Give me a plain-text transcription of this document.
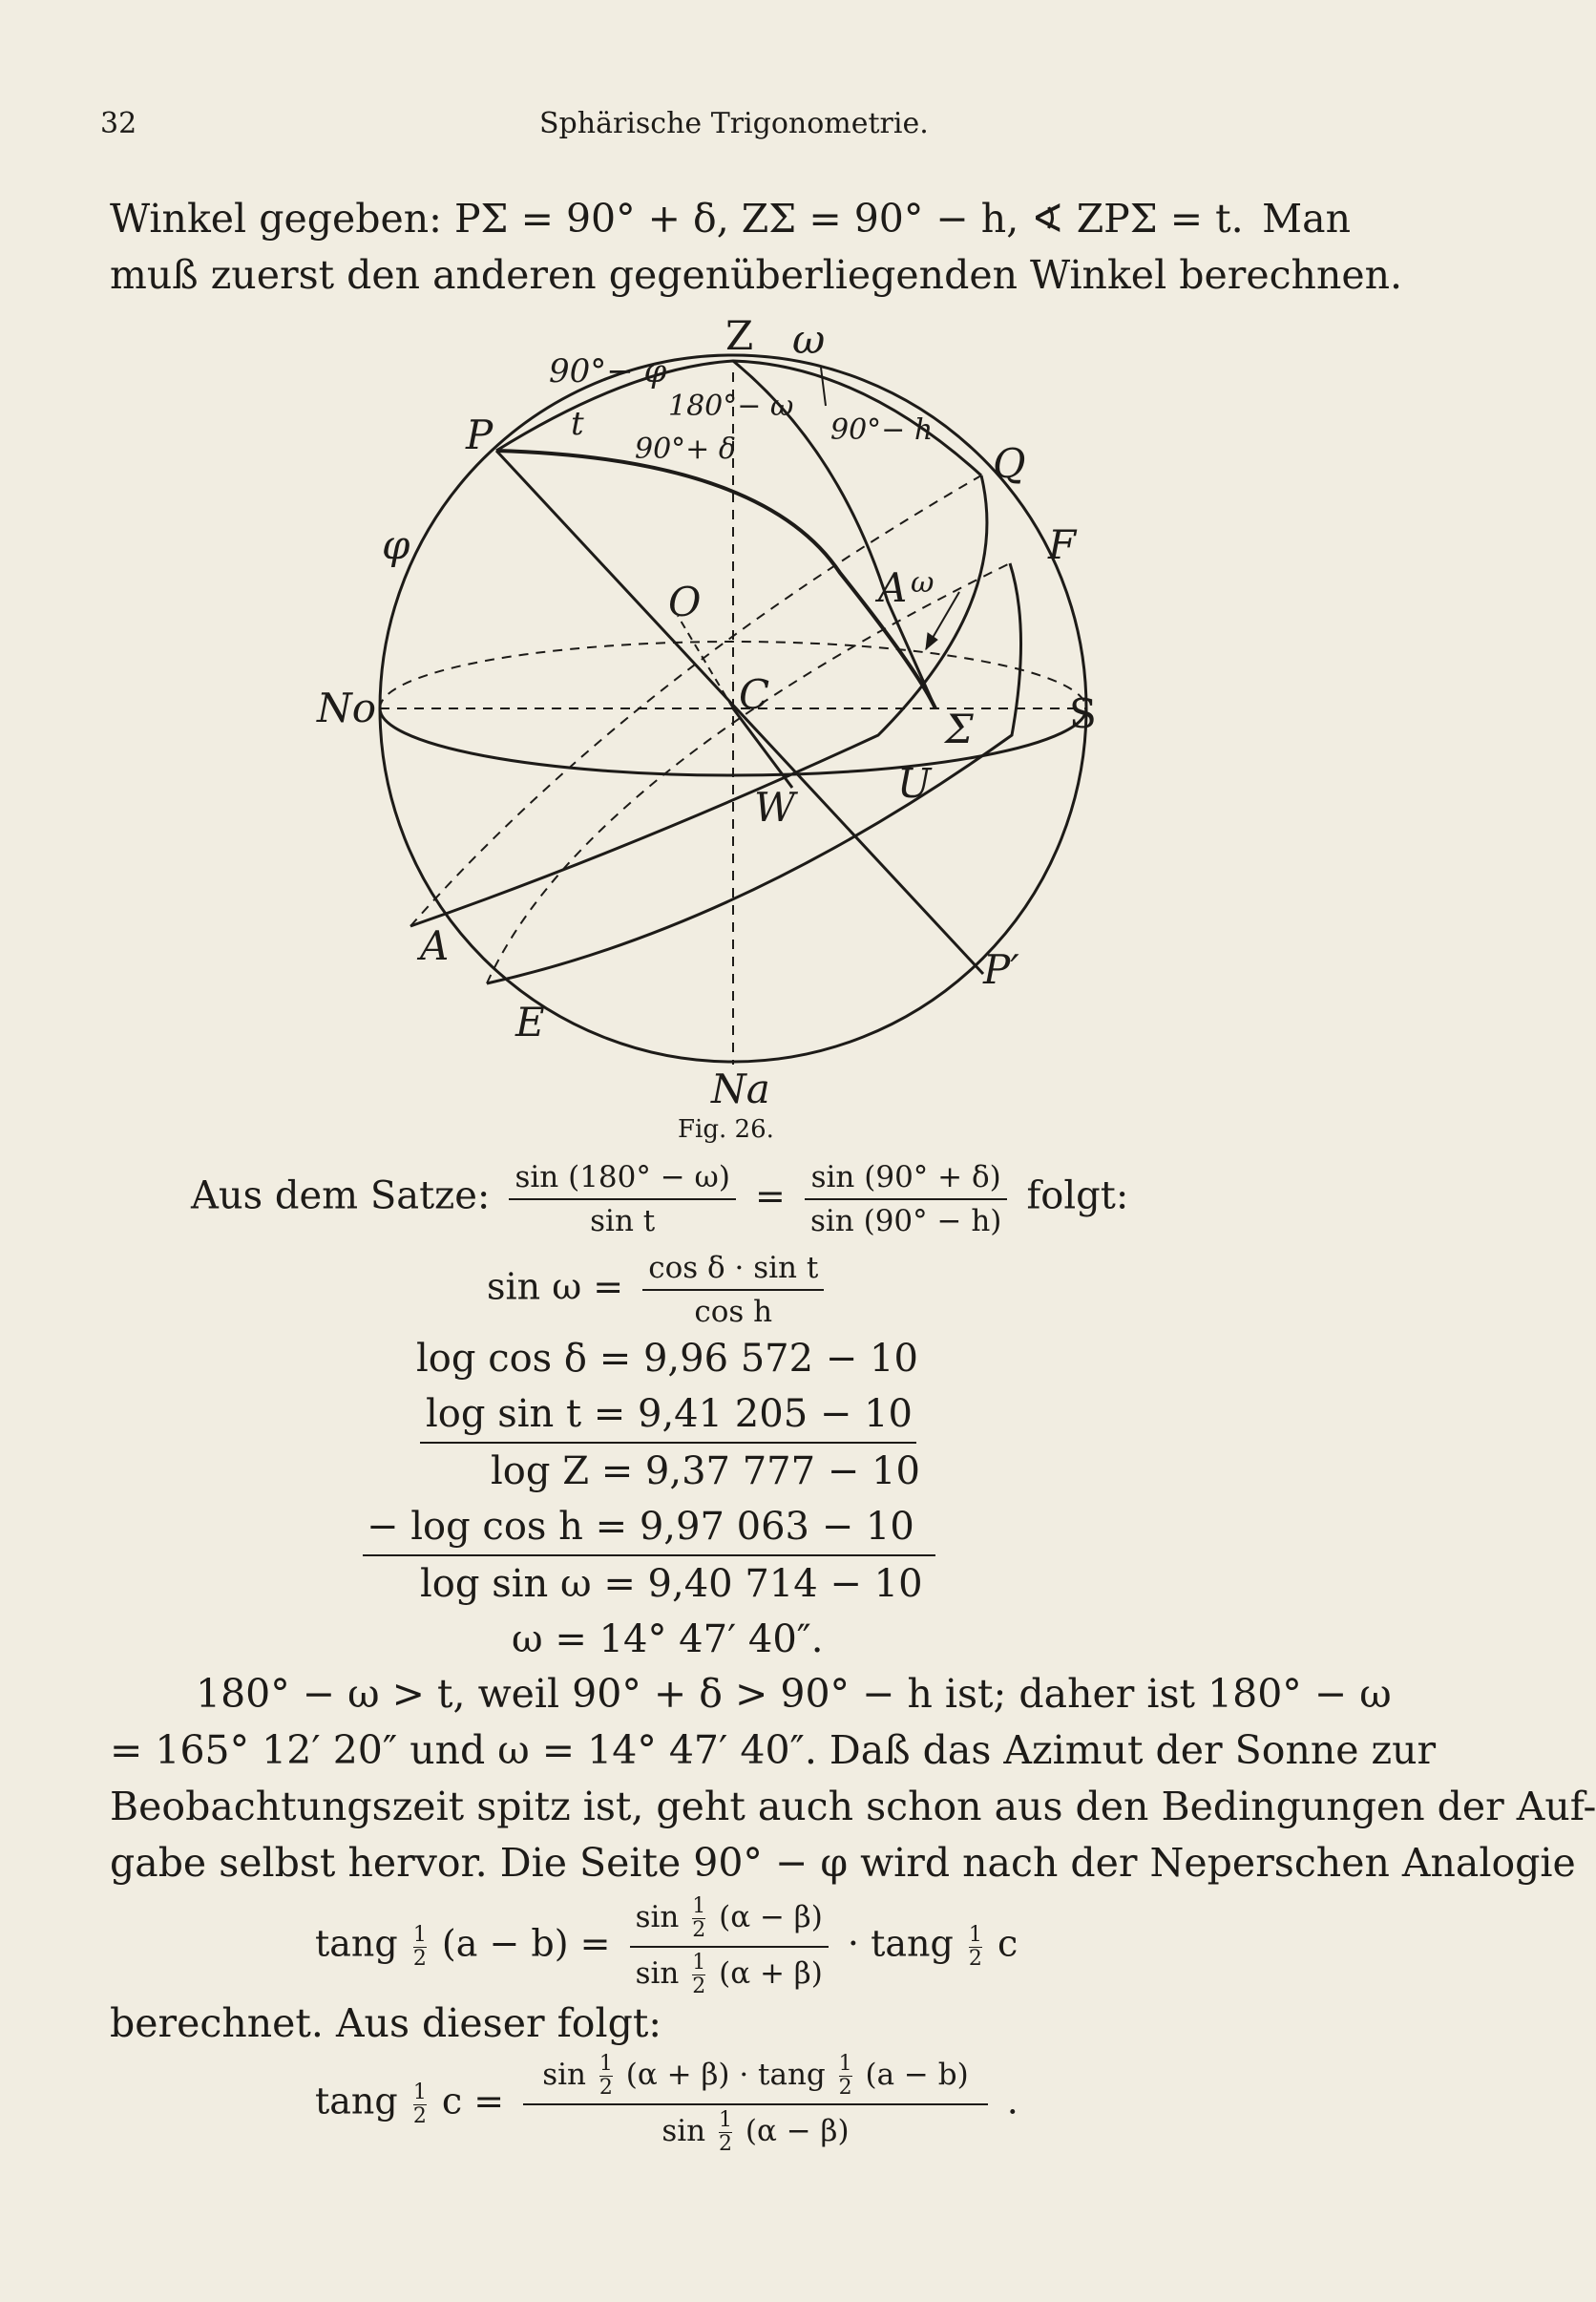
32	Sphärische Trigonometrie.
Winkel gegeben: PΣ = 90° + δ, ZΣ = 90° − h, ∢ ZPΣ = t. Man
muß zuerst den anderen gegenüberliegenden Winkel berechnen.
Z ω
90°− φ
180°− ω
90°− h
90°+ δ
P t
Q
φ	F
O	A ω
No	C
Σ S
W
U
A
P′
E
Na
Fig. 26.
Aus dem Satze: $\frac{\sin (180^\circ - \omega)}{\text{sin t}} = \frac{\sin (90^\circ + \delta)}{\sin (90^\circ - h)} folgt$:
$\sin \omega = \frac{\text{cos δ · sin t}}{\text{cos h}}$
log cos δ = 9,96 572 − 10
log sin t = 9,41 205 − 10
log Z = 9,37 777 − 10
− log cos h = 9,97 063 − 10
log sin ω = 9,40 714 − 10
ω = 14° 47′ 40″.
180° − ω > t, weil 90° + δ > 90° − h ist; daher ist 180° − ω
= 165° 12′ 20″ und ω = 14° 47′ 40″. Daß das Azimut der Sonne zur
Beobachtungszeit spitz ist, geht auch schon aus den Bedingungen der Auf-
gabe selbst hervor. Die Seite 90° − φ wird nach der Neperschen Analogie
tang $\frac{1}{2} (a - b) = \frac{\sin \frac{1}{2} (\alpha - \beta)}{\sin \frac{1}{2} (\alpha + \beta)} \cdot \tan g \frac{1}{2}$ c
berechnet. Aus dieser folgt:
tang $\frac{1}{2}$ $c = \frac{\sin \frac{1}{2} (\alpha + \beta) \cdot \tan g \frac{1}{2} (a - b)}{\sin \frac{1}{2} (\alpha - \beta)}$ .
